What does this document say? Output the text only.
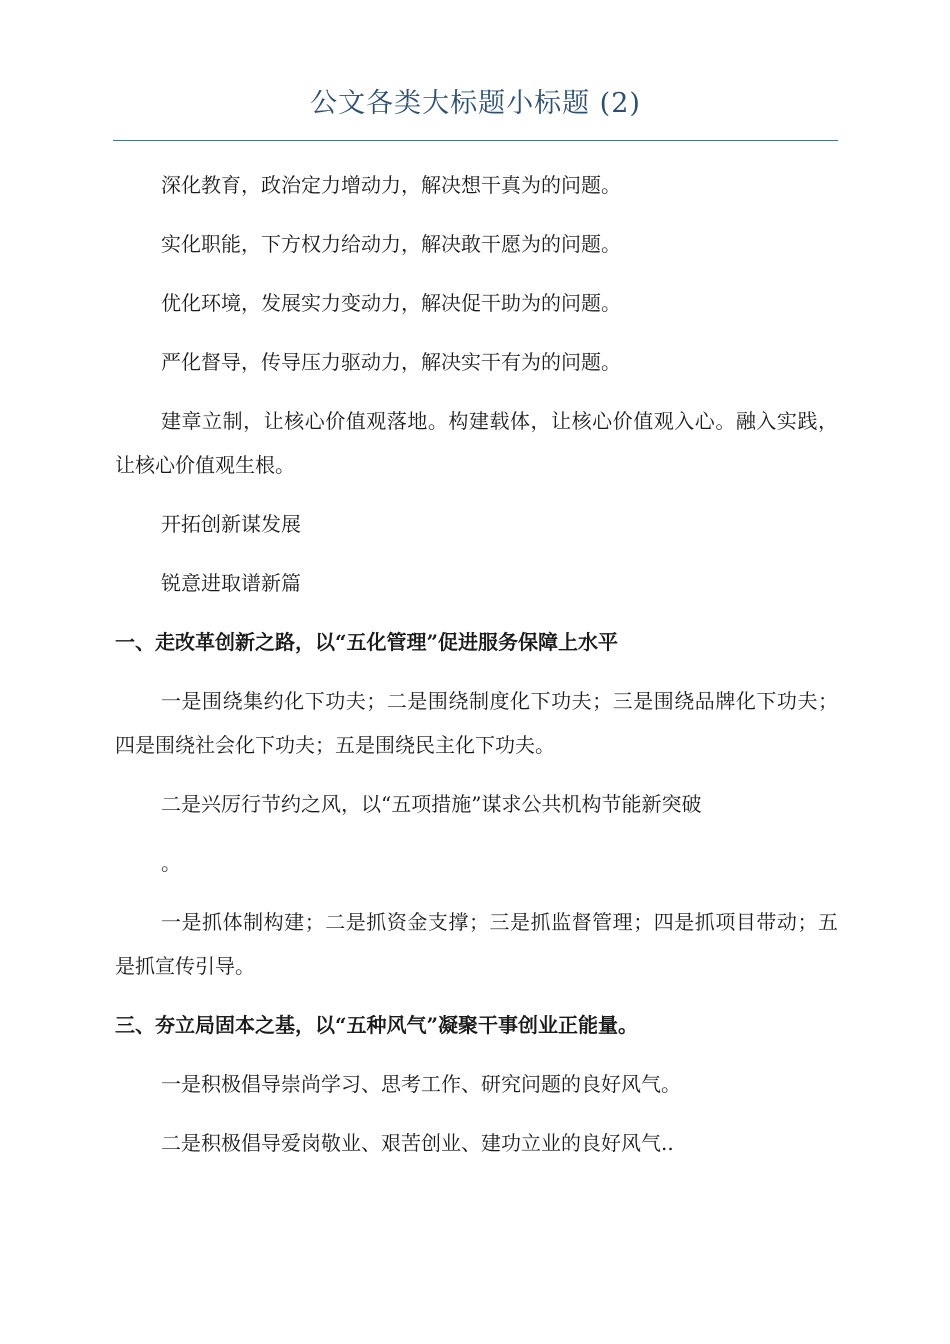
公文各类大标题小标题 (2)

深化教育，政治定力增动力，解决想干真为的问题。

实化职能，下方权力给动力，解决敢干愿为的问题。

优化环境，发展实力变动力，解决促干助为的问题。

严化督导，传导压力驱动力，解决实干有为的问题。

建章立制，让核心价值观落地。构建载体，让核心价值观入心。融入实践，让核心价值观生根。

开拓创新谋发展

锐意进取谱新篇

一、走改革创新之路，以“五化管理”促进服务保障上水平

一是围绕集约化下功夫；二是围绕制度化下功夫；三是围绕品牌化下功夫；四是围绕社会化下功夫；五是围绕民主化下功夫。

二是兴厉行节约之风，以“五项措施”谋求公共机构节能新突破

。

一是抓体制构建；二是抓资金支撑；三是抓监督管理；四是抓项目带动；五是抓宣传引导。

三、夯立局固本之基，以“五种风气”凝聚干事创业正能量。

一是积极倡导崇尚学习、思考工作、研究问题的良好风气。

二是积极倡导爱岗敬业、艰苦创业、建功立业的良好风气..
